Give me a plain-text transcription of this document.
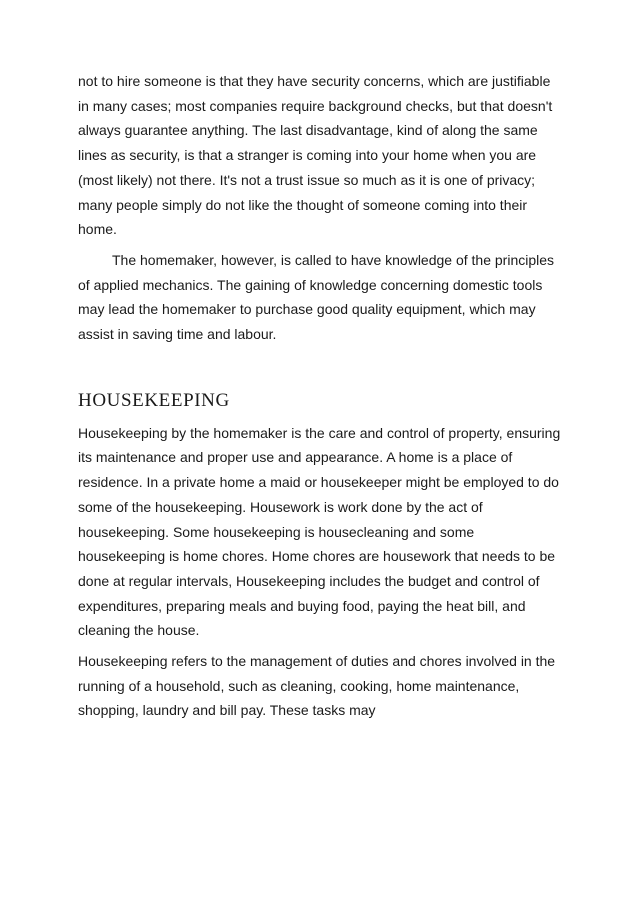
not to hire someone is that they have security concerns, which are justifiable in many cases; most companies require background checks, but that doesn't always guarantee anything. The last disadvantage, kind of along the same lines as security, is that a stranger is coming into your home when you are (most likely) not there. It's not a trust issue so much as it is one of privacy; many people simply do not like the thought of someone coming into their home.

The homemaker, however, is called to have knowledge of the principles of applied mechanics. The gaining of knowledge concerning domestic tools may lead the homemaker to purchase good quality equipment, which may assist in saving time and labour.

HOUSEKEEPING

Housekeeping by the homemaker is the care and control of property, ensuring its maintenance and proper use and appearance. A home is a place of residence. In a private home a maid or housekeeper might be employed to do some of the housekeeping. Housework is work done by the act of housekeeping. Some housekeeping is housecleaning and some housekeeping is home chores. Home chores are housework that needs to be done at regular intervals, Housekeeping includes the budget and control of expenditures, preparing meals and buying food, paying the heat bill, and cleaning the house.

Housekeeping refers to the management of duties and chores involved in the running of a household, such as cleaning, cooking, home maintenance, shopping, laundry and bill pay. These tasks may
